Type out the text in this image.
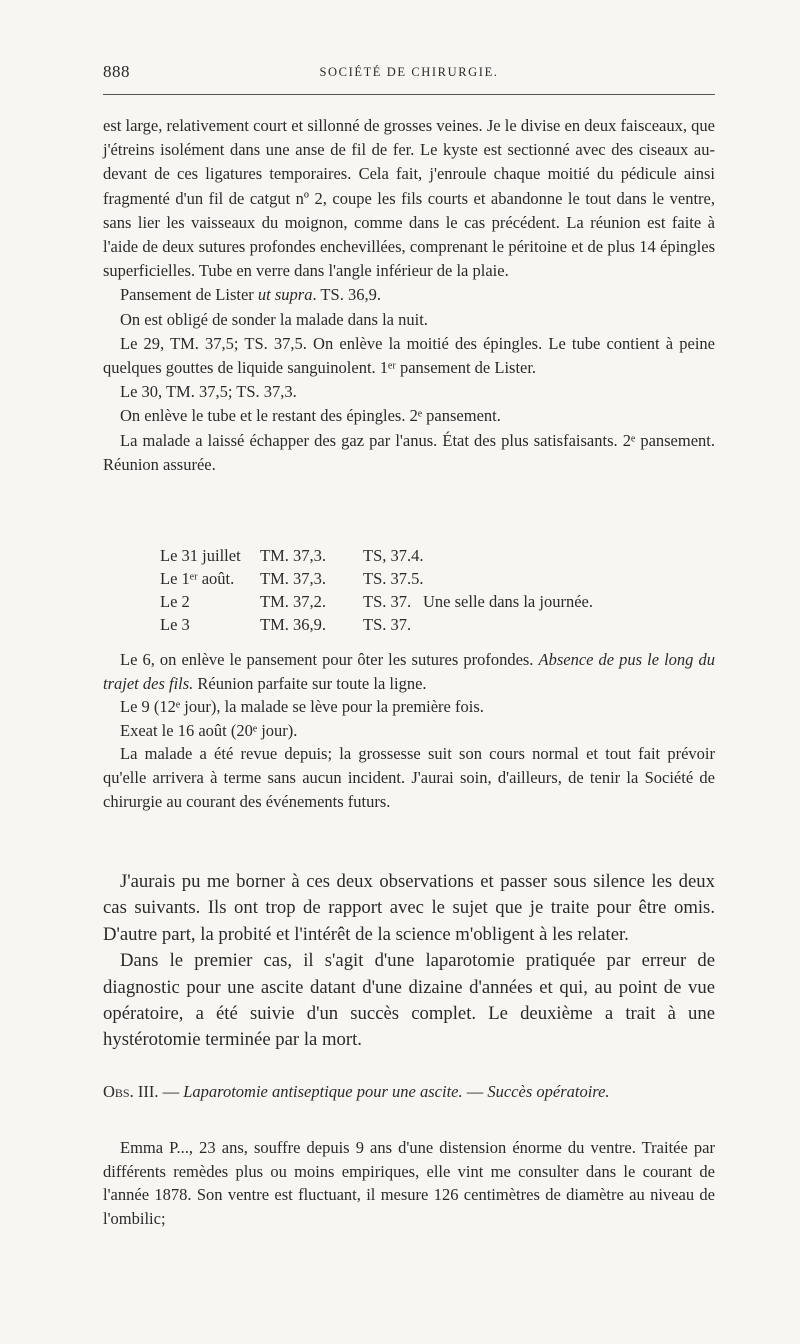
888	SOCIÉTÉ DE CHIRURGIE.

est large, relativement court et sillonné de grosses veines. Je le divise en deux faisceaux, que j'étreins isolément dans une anse de fil de fer. Le kyste est sectionné avec des ciseaux au-devant de ces ligatures temporaires. Cela fait, j'enroule chaque moitié du pédicule ainsi fragmenté d'un fil de catgut nº 2, coupe les fils courts et abandonne le tout dans le ventre, sans lier les vaisseaux du moignon, comme dans le cas précédent. La réunion est faite à l'aide de deux sutures profondes enchevillées, comprenant le péritoine et de plus 14 épingles superficielles. Tube en verre dans l'angle inférieur de la plaie.

Pansement de Lister ut supra. TS. 36,9.

On est obligé de sonder la malade dans la nuit.

Le 29, TM. 37,5; TS. 37,5. On enlève la moitié des épingles. Le tube contient à peine quelques gouttes de liquide sanguinolent. 1ᵉʳ pansement de Lister.

Le 30, TM. 37,5; TS. 37,3.

On enlève le tube et le restant des épingles. 2ᵉ pansement.

La malade a laissé échapper des gaz par l'anus. État des plus satisfaisants. 2ᵉ pansement. Réunion assurée.

Le 31 juillet	TM. 37,3.	TS, 37.4.
Le 1ᵉʳ août.	TM. 37,3.	TS. 37.5.
Le 2	TM. 37,2.	TS. 37. Une selle dans la journée.
Le 3	TM. 36,9.	TS. 37.

Le 6, on enlève le pansement pour ôter les sutures profondes. Absence de pus le long du trajet des fils. Réunion parfaite sur toute la ligne.

Le 9 (12ᵉ jour), la malade se lève pour la première fois.

Exeat le 16 août (20ᵉ jour).

La malade a été revue depuis; la grossesse suit son cours normal et tout fait prévoir qu'elle arrivera à terme sans aucun incident. J'aurai soin, d'ailleurs, de tenir la Société de chirurgie au courant des événements futurs.

J'aurais pu me borner à ces deux observations et passer sous silence les deux cas suivants. Ils ont trop de rapport avec le sujet que je traite pour être omis. D'autre part, la probité et l'intérêt de la science m'obligent à les relater.

Dans le premier cas, il s'agit d'une laparotomie pratiquée par erreur de diagnostic pour une ascite datant d'une dizaine d'années et qui, au point de vue opératoire, a été suivie d'un succès complet. Le deuxième a trait à une hystérotomie terminée par la mort.

Obs. III. — Laparotomie antiseptique pour une ascite. — Succès opératoire.

Emma P..., 23 ans, souffre depuis 9 ans d'une distension énorme du ventre. Traitée par différents remèdes plus ou moins empiriques, elle vint me consulter dans le courant de l'année 1878. Son ventre est fluctuant, il mesure 126 centimètres de diamètre au niveau de l'ombilic;
